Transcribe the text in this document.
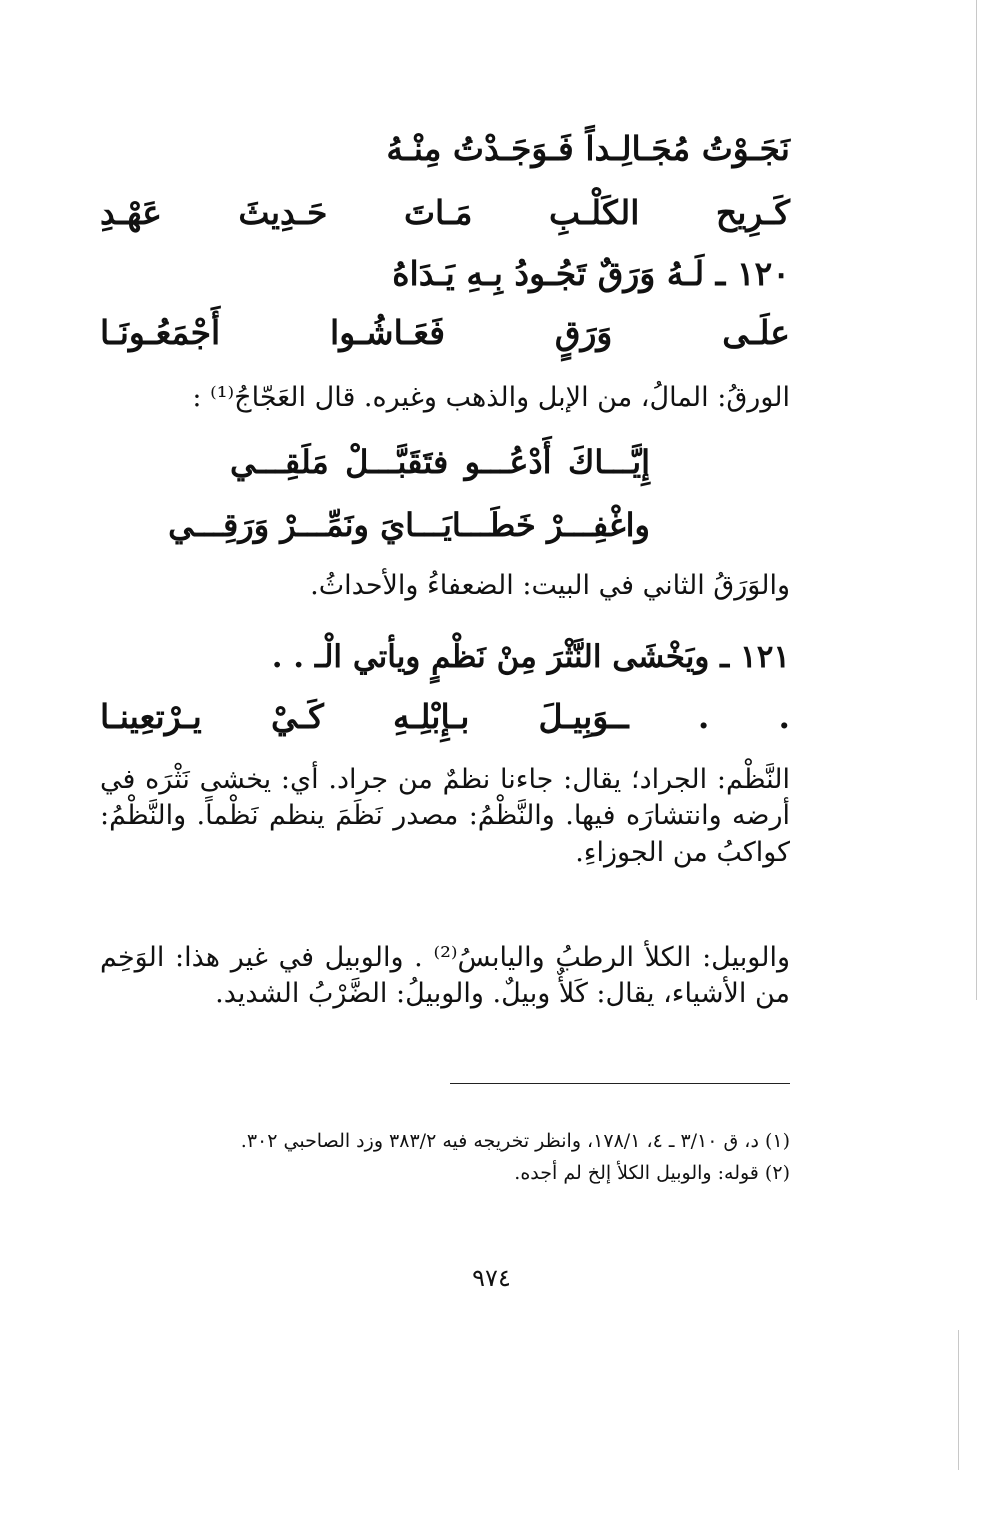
نَجَـوْتُ مُجَـالِـداً فَـوَجَـدْتُ مِنْـهُ
كَـرِيح الكَلْـبِ مَـاتَ حَـدِيثَ عَهْـدِ
١٢٠ ـ لَـهُ وَرَقٌ تَجُـودُ بِـهِ يَـدَاهُ
علَـى وَرَقٍ فَعَـاشُـوا أَجْمَعُـونَـا
الورقُ: المالُ، من الإبل والذهب وغيره. قال العَجّاجُ⁽¹⁾ :
إِيَّـــاكَ أَدْعُـــو فتَقَبَّـــلْ مَلَقِـــي
واغْفِـــرْ خَطَـــايَـــايَ ونَمِّـــرْ وَرَقِـــي
والوَرَقُ الثاني في البيت: الضعفاءُ والأحداثُ.
١٢١ ـ ويَخْشَى النَّثْرَ مِنْ نَظْمٍ ويأتي الْـ . .
. . ــوَبِيـلَ بـإِبْلِـهِ كَـيْ يـرْتعِينـا
النَّظْم: الجراد؛ يقال: جاءنا نظمٌ من جراد. أي: يخشى نَثْرَه في أرضه وانتشارَه فيها. والنَّظْمُ: مصدر نَظَمَ ينظم نَظْماً. والنَّظْمُ: كواكبُ من الجوزاءِ.
والوبيل: الكلأ الرطبُ واليابسُ⁽²⁾ . والوبيل في غير هذا: الوَخِم من الأشياء، يقال: كَلأٌ وبيلٌ. والوبيلُ: الضَّرْبُ الشديد.
(١) د، ق ٣/١٠ ـ ٤، ١٧٨/١، وانظر تخريجه فيه ٣٨٣/٢ وزد الصاحبي ٣٠٢.
(٢) قوله: والوبيل الكلأ إلخ لم أجده.
٩٧٤
